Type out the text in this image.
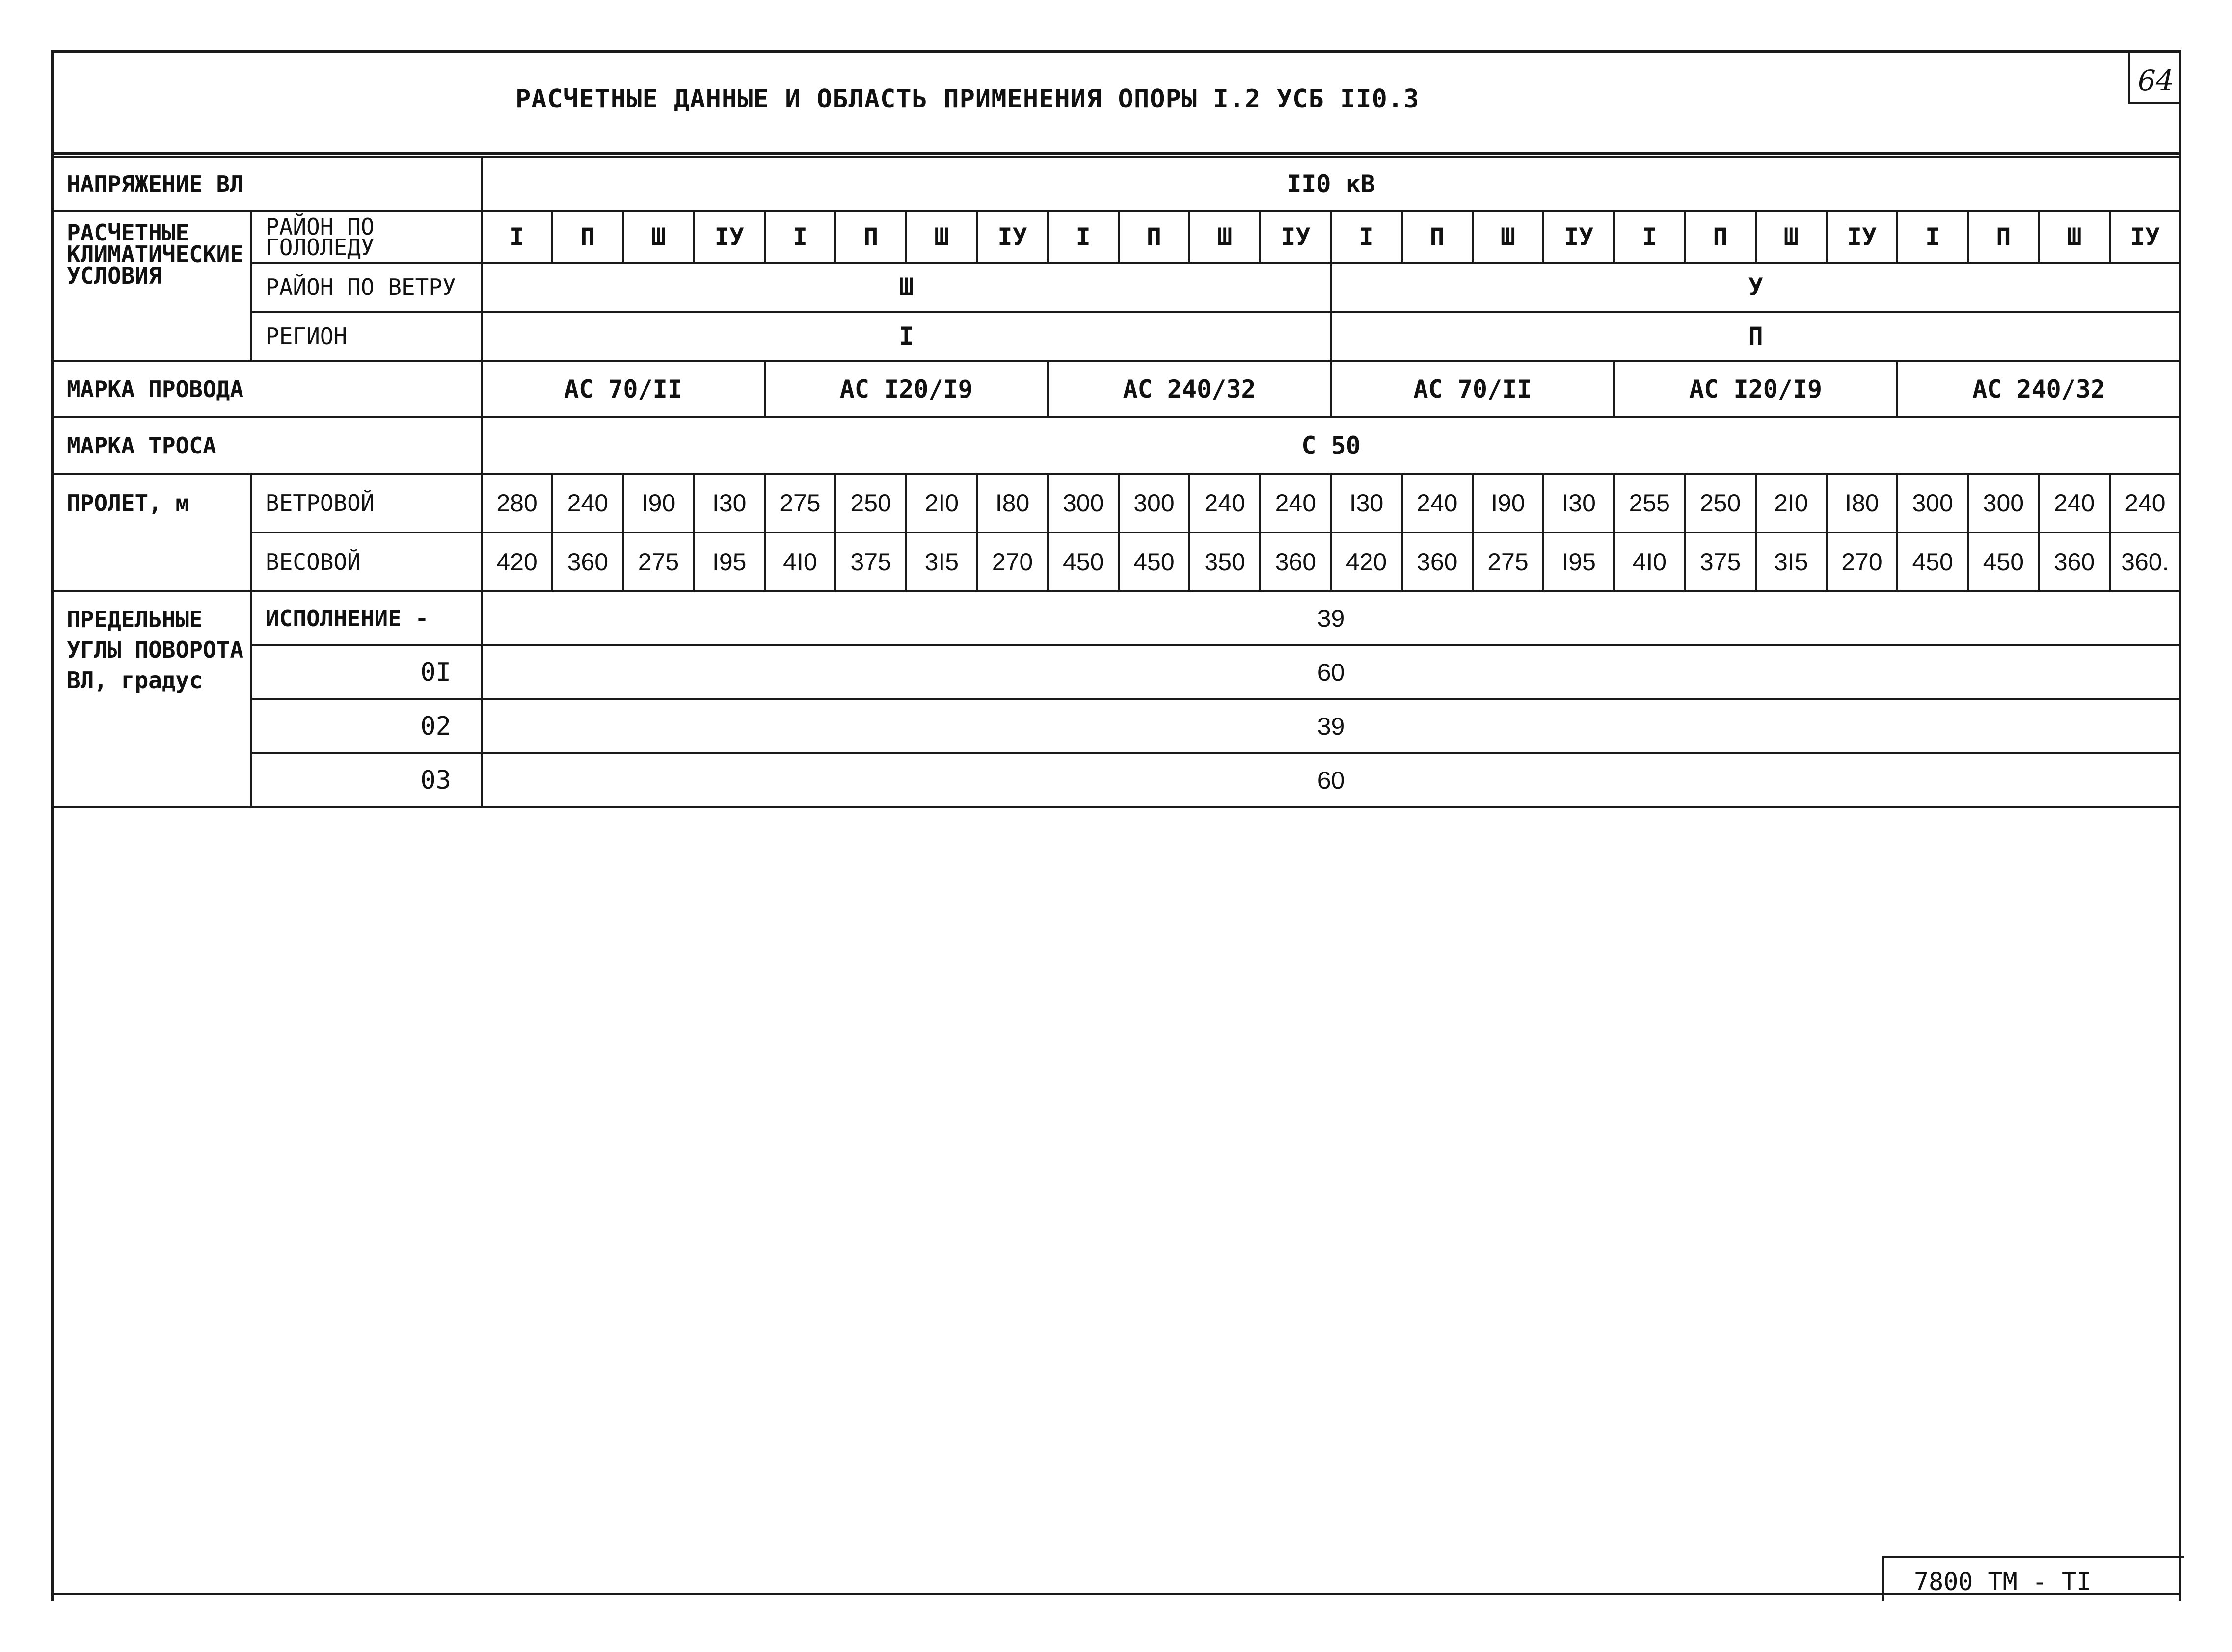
РАСЧЕТНЫЕ ДАННЫЕ И ОБЛАСТЬ ПРИМЕНЕНИЯ ОПОРЫ I.2 УСБ II0.3
64
НАПРЯЖЕНИЕ ВЛ		II0 кВ																							
РАСЧЕТНЫЕ КЛИМАТИЧЕСКИЕ УСЛОВИЯ	РАЙОН ПО ГОЛОЛЕДУ	I	П	Ш	IУ	I	П	Ш	IУ	I	П	Ш	IУ	I	П	Ш	IУ	I	П	Ш	IУ	I	П	Ш	IУ
	РАЙОН ПО ВЕТРУ	Ш												У											
	РЕГИОН	I												П											
МАРКА ПРОВОДА		АС 70/II				АС I20/I9				АС 240/32				АС 70/II				АС I20/I9				АС 240/32			
МАРКА ТРОСА		С 50																							
ПРОЛЕТ, м	ВЕТРОВОЙ	280	240	I90	I30	275	250	2I0	I80	300	300	240	240	I30	240	I90	I30	255	250	2I0	I80	300	300	240	240
	ВЕСОВОЙ	420	360	275	I95	4I0	375	3I5	270	450	450	350	360	420	360	275	I95	4I0	375	3I5	270	450	450	360	360.
ПРЕДЕЛЬНЫЕ УГЛЫ ПОВОРОТА ВЛ, градус	ИСПОЛНЕНИЕ -	39																							
	0I	60																							
	02	39																							
	03	60																							
7800 ТМ - TI
